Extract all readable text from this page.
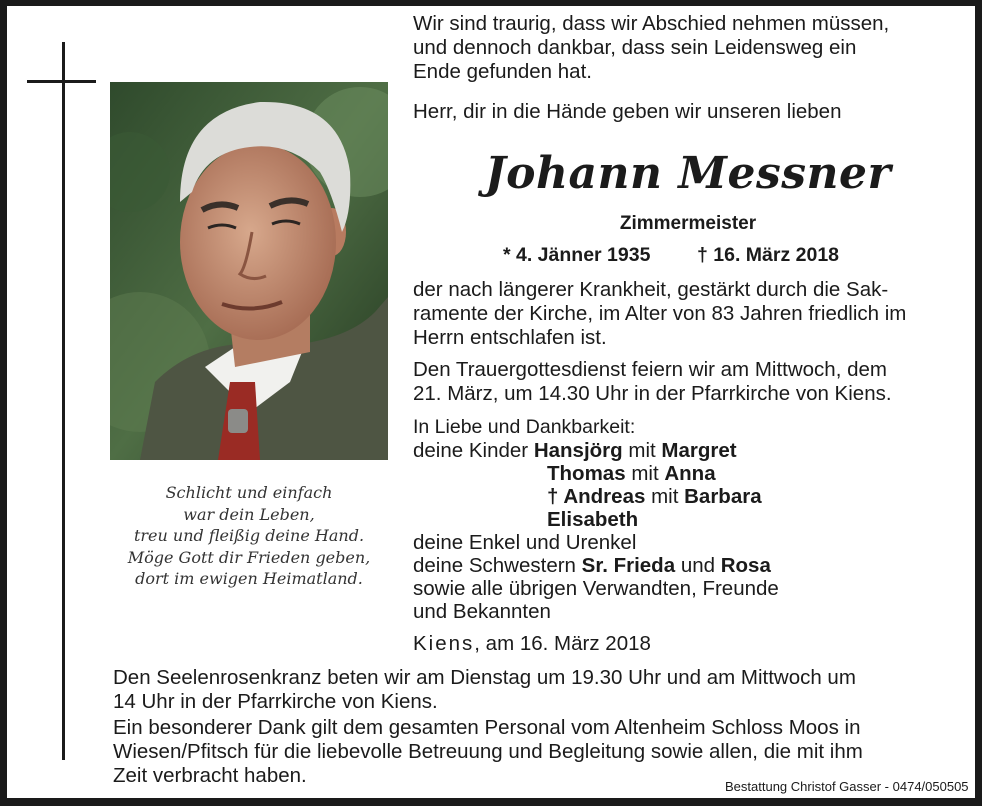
Schlicht und einfach
war dein Leben,
treu und fleißig deine Hand.
Möge Gott dir Frieden geben,
dort im ewigen Heimatland.
Wir sind traurig, dass wir Abschied nehmen müssen,
und dennoch dankbar, dass sein Leidensweg ein
Ende gefunden hat.
Herr, dir in die Hände geben wir unseren lieben
Johann Messner
Zimmermeister
* 4. Jänner 1935 † 16. März 2018
der nach längerer Krankheit, gestärkt durch die Sak-
ramente der Kirche, im Alter von 83 Jahren friedlich im
Herrn entschlafen ist.
Den Trauergottesdienst feiern wir am Mittwoch, dem
21. März, um 14.30 Uhr in der Pfarrkirche von Kiens.
In Liebe und Dankbarkeit:
deine Kinder Hansjörg mit Margret
Thomas mit Anna
† Andreas mit Barbara
Elisabeth
deine Enkel und Urenkel
deine Schwestern Sr. Frieda und Rosa
sowie alle übrigen Verwandten, Freunde
und Bekannten
Kiens, am 16. März 2018
Den Seelenrosenkranz beten wir am Dienstag um 19.30 Uhr und am Mittwoch um
14 Uhr in der Pfarrkirche von Kiens.
Ein besonderer Dank gilt dem gesamten Personal vom Altenheim Schloss Moos in
Wiesen/Pfitsch für die liebevolle Betreuung und Begleitung sowie allen, die mit ihm
Zeit verbracht haben.	Bestattung Christof Gasser - 0474/050505
